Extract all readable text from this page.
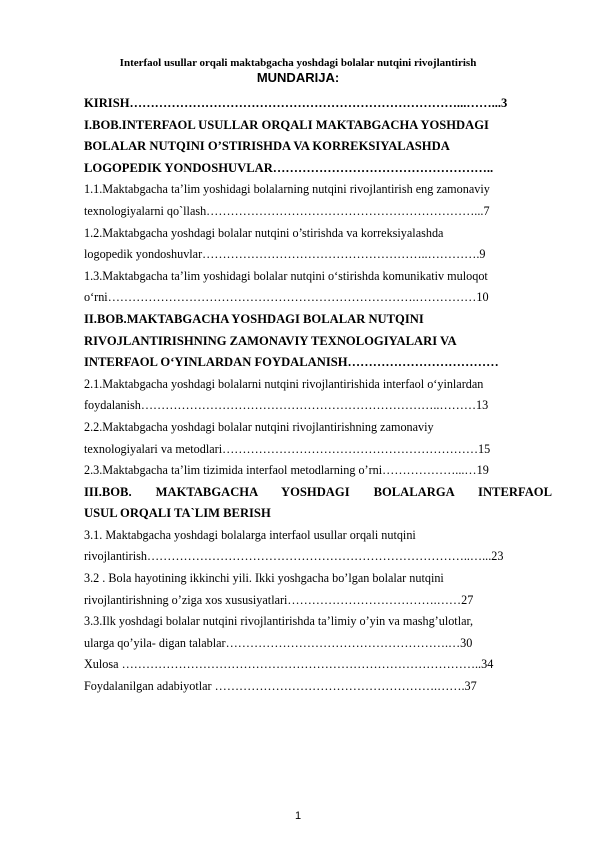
Interfaol usullar orqali maktabgacha yoshdagi bolalar nutqini rivojlantirish
MUNDARIJA:
KIRISH……………………………………………………………………...……...3
I.BOB.INTERFAOL USULLAR ORQALI MAKTABGACHA YOSHDAGI
BOLALAR NUTQINI O’STIRISHDA VA KORREKSIYALASHDA
LOGOPEDIK YONDOSHUVLAR……………………………………………..
1.1.Maktabgacha ta’lim yoshidagi bolalarning nutqini rivojlantirish eng zamonaviy
texnologiyalarni qo`llash…………………………………………………………...7
1.2.Maktabgacha yoshdagi bolalar nutqini o’stirishda va korreksiyalashda
logopedik yondoshuvlar………………………………………………..………….9
1.3.Maktabgacha ta’lim yoshidagi bolalar nutqini o‘stirishda komunikativ muloqot
o‘rni………………………………………………………………….……………10
II.BOB.MAKTABGACHA YOSHDAGI BOLALAR NUTQINI
RIVOJLANTIRISHNING ZAMONAVIY TEXNOLOGIYALARI VA
INTERFAOL O‘YINLARDAN FOYDALANISH………………………………
2.1.Maktabgacha yoshdagi bolalarni nutqini rivojlantirishida interfaol o‘yinlardan
foydalanish………………………………………………………………..………13
2.2.Maktabgacha yoshdagi bolalar nutqini rivojlantirishning zamonaviy
texnologiyalari va metodlari………………………………………………………15
2.3.Maktabgacha ta’lim tizimida interfaol metodlarning o’rni………………...…19
III.BOB. MAKTABGACHA YOSHDAGI BOLALARGA INTERFAOL
USUL ORQALI TA`LIM BERISH
3.1. Maktabgacha yoshdagi bolalarga interfaol usullar orqali nutqini
rivojlantirish……………………………………………………………………..…...23
3.2 . Bola hayotining ikkinchi yili. Ikki yoshgacha bo’lgan bolalar nutqini
rivojlantirishning o’ziga xos xususiyatlari……………………………….……27
3.3.Ilk yoshdagi bolalar nutqini rivojlantirishda ta’limiy o’yin va mashg’ulotlar,
ularga qo’yila- digan talablar……………………………………………….…30
Xulosa ……………………………………………………………………………..34
Foydalanilgan adabiyotlar ……………………………………………….…….37
1
